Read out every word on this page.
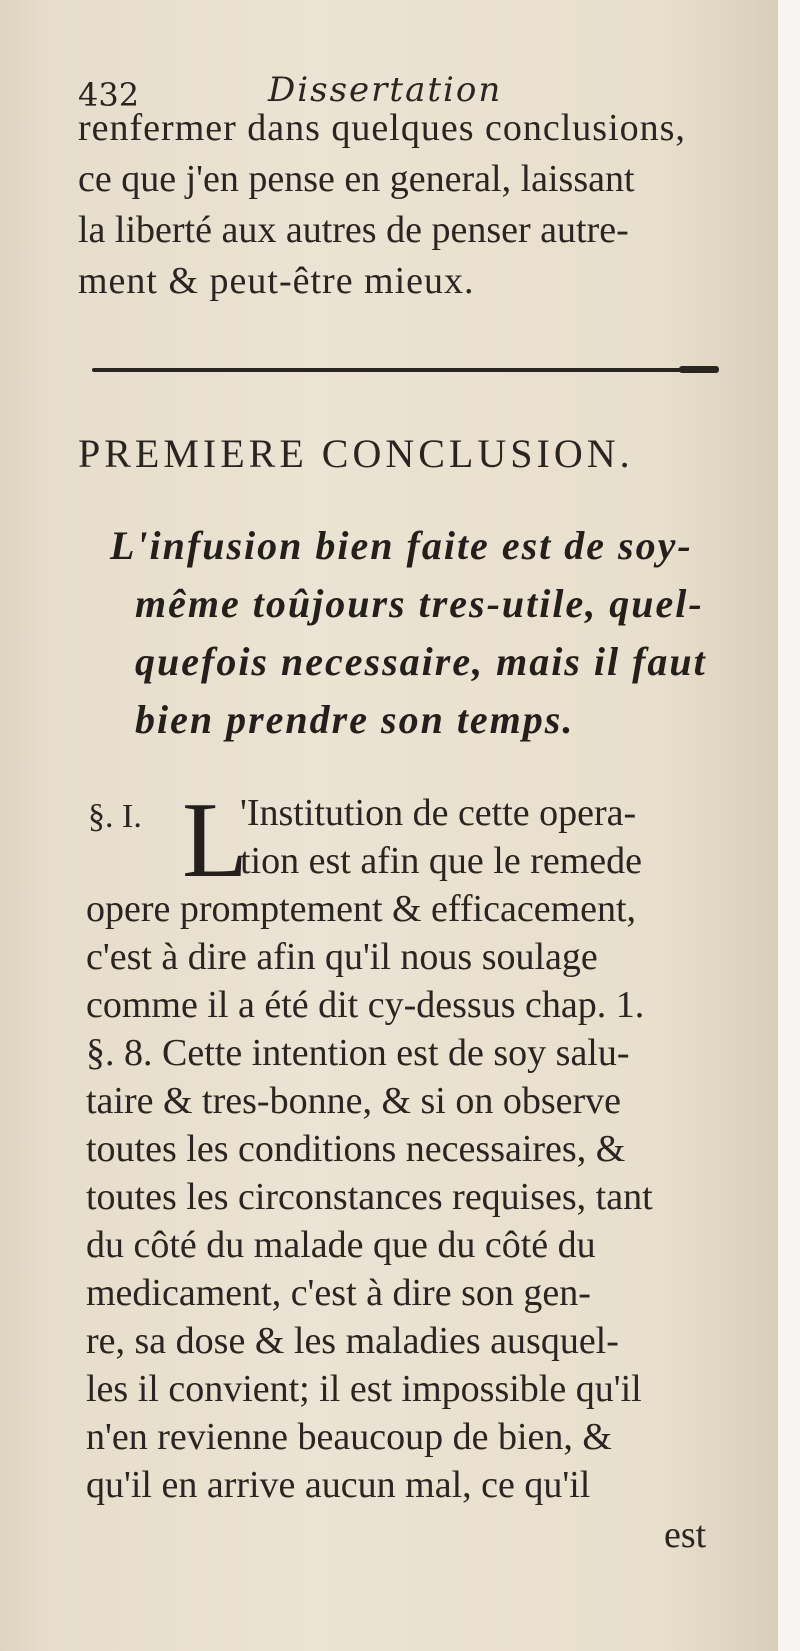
432	Dissertation
renfermer dans quelques conclusions,
ce que j'en pense en general, laissant
la liberté aux autres de penser autre-
ment & peut-être mieux.
PREMIERE CONCLUSION.
L'infusion bien faite est de soy-
même toûjours tres-utile, quel-
quefois necessaire, mais il faut
bien prendre son temps.
§. I. L
'Institution de cette opera-
tion est afin que le remede
opere promptement & efficacement,
c'est à dire afin qu'il nous soulage
comme il a été dit cy-dessus chap. 1.
§. 8. Cette intention est de soy salu-
taire & tres-bonne, & si on observe
toutes les conditions necessaires, &
toutes les circonstances requises, tant
du côté du malade que du côté du
medicament, c'est à dire son gen-
re, sa dose & les maladies ausquel-
les il convient; il est impossible qu'il
n'en revienne beaucoup de bien, &
qu'il en arrive aucun mal, ce qu'il
est
